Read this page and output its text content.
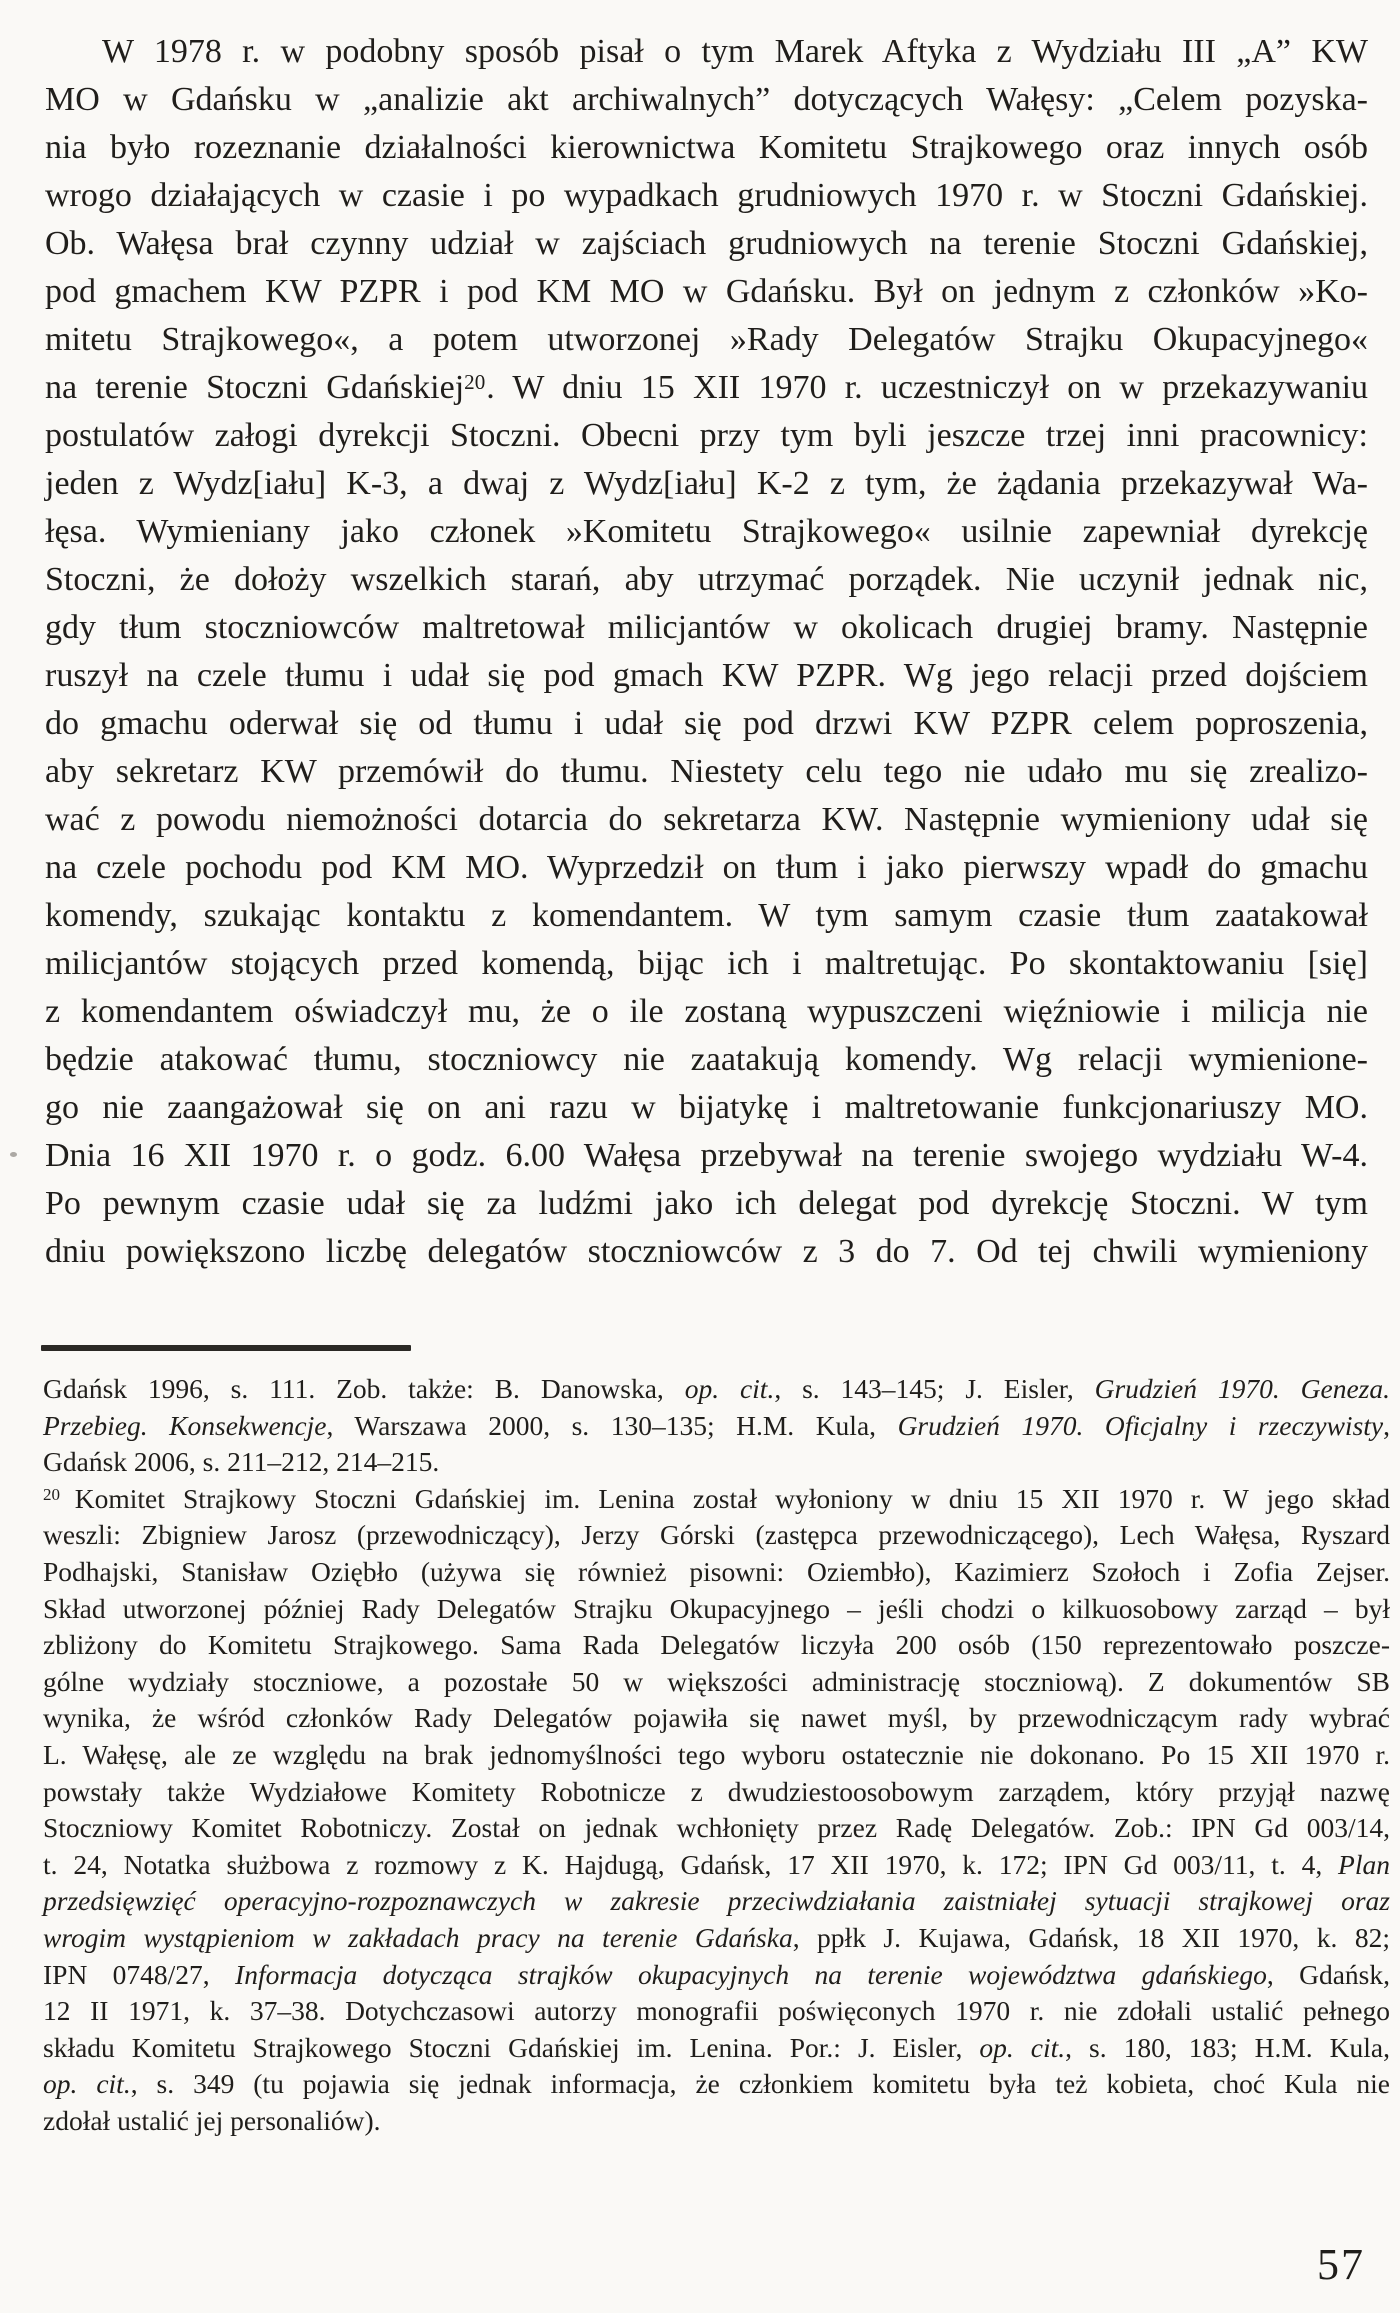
W 1978 r. w podobny sposób pisał o tym Marek Aftyka z Wydziału III „A” KW
MO w Gdańsku w „analizie akt archiwalnych” dotyczących Wałęsy: „Celem pozyska-
nia było rozeznanie działalności kierownictwa Komitetu Strajkowego oraz innych osób
wrogo działających w czasie i po wypadkach grudniowych 1970 r. w Stoczni Gdańskiej.
Ob. Wałęsa brał czynny udział w zajściach grudniowych na terenie Stoczni Gdańskiej,
pod gmachem KW PZPR i pod KM MO w Gdańsku. Był on jednym z członków »Ko-
mitetu Strajkowego«, a potem utworzonej »Rady Delegatów Strajku Okupacyjnego«
na terenie Stoczni Gdańskiej$^{20}$. W dniu 15 XII 1970 r. uczestniczył on w przekazywaniu
postulatów załogi dyrekcji Stoczni. Obecni przy tym byli jeszcze trzej inni pracownicy:
jeden z Wydz[iału] K-3, a dwaj z Wydz[iału] K-2 z tym, że żądania przekazywał Wa-
łęsa. Wymieniany jako członek »Komitetu Strajkowego« usilnie zapewniał dyrekcję
Stoczni, że dołoży wszelkich starań, aby utrzymać porządek. Nie uczynił jednak nic,
gdy tłum stoczniowców maltretował milicjantów w okolicach drugiej bramy. Następnie
ruszył na czele tłumu i udał się pod gmach KW PZPR. Wg jego relacji przed dojściem
do gmachu oderwał się od tłumu i udał się pod drzwi KW PZPR celem poproszenia,
aby sekretarz KW przemówił do tłumu. Niestety celu tego nie udało mu się zrealizo-
wać z powodu niemożności dotarcia do sekretarza KW. Następnie wymieniony udał się
na czele pochodu pod KM MO. Wyprzedził on tłum i jako pierwszy wpadł do gmachu
komendy, szukając kontaktu z komendantem. W tym samym czasie tłum zaatakował
milicjantów stojących przed komendą, bijąc ich i maltretując. Po skontaktowaniu [się]
z komendantem oświadczył mu, że o ile zostaną wypuszczeni więźniowie i milicja nie
będzie atakować tłumu, stoczniowcy nie zaatakują komendy. Wg relacji wymienione-
go nie zaangażował się on ani razu w bijatykę i maltretowanie funkcjonariuszy MO.
Dnia 16 XII 1970 r. o godz. 6.00 Wałęsa przebywał na terenie swojego wydziału W-4.
Po pewnym czasie udał się za ludźmi jako ich delegat pod dyrekcję Stoczni. W tym
dniu powiększono liczbę delegatów stoczniowców z 3 do 7. Od tej chwili wymieniony
Gdańsk 1996, s. 111. Zob. także: B. Danowska, op. cit., s. 143–145; J. Eisler, Grudzień 1970. Geneza.
Przebieg. Konsekwencje, Warszawa 2000, s. 130–135; H.M. Kula, Grudzień 1970. Oficjalny i rzeczywisty,
Gdańsk 2006, s. 211–212, 214–215.
$^{20}$ Komitet Strajkowy Stoczni Gdańskiej im. Lenina został wyłoniony w dniu 15 XII 1970 r. W jego skład
weszli: Zbigniew Jarosz (przewodniczący), Jerzy Górski (zastępca przewodniczącego), Lech Wałęsa, Ryszard
Podhajski, Stanisław Oziębło (używa się również pisowni: Oziembło), Kazimierz Szołoch i Zofia Zejser.
Skład utworzonej później Rady Delegatów Strajku Okupacyjnego – jeśli chodzi o kilkuosobowy zarząd – był
zbliżony do Komitetu Strajkowego. Sama Rada Delegatów liczyła 200 osób (150 reprezentowało poszcze-
gólne wydziały stoczniowe, a pozostałe 50 w większości administrację stoczniową). Z dokumentów SB
wynika, że wśród członków Rady Delegatów pojawiła się nawet myśl, by przewodniczącym rady wybrać
L. Wałęsę, ale ze względu na brak jednomyślności tego wyboru ostatecznie nie dokonano. Po 15 XII 1970 r.
powstały także Wydziałowe Komitety Robotnicze z dwudziestoosobowym zarządem, który przyjął nazwę
Stoczniowy Komitet Robotniczy. Został on jednak wchłonięty przez Radę Delegatów. Zob.: IPN Gd 003/14,
t. 24, Notatka służbowa z rozmowy z K. Hajdugą, Gdańsk, 17 XII 1970, k. 172; IPN Gd 003/11, t. 4, Plan
przedsięwzięć operacyjno-rozpoznawczych w zakresie przeciwdziałania zaistniałej sytuacji strajkowej oraz
wrogim wystąpieniom w zakładach pracy na terenie Gdańska, ppłk J. Kujawa, Gdańsk, 18 XII 1970, k. 82;
IPN 0748/27, Informacja dotycząca strajków okupacyjnych na terenie województwa gdańskiego, Gdańsk,
12 II 1971, k. 37–38. Dotychczasowi autorzy monografii poświęconych 1970 r. nie zdołali ustalić pełnego
składu Komitetu Strajkowego Stoczni Gdańskiej im. Lenina. Por.: J. Eisler, op. cit., s. 180, 183; H.M. Kula,
op. cit., s. 349 (tu pojawia się jednak informacja, że członkiem komitetu była też kobieta, choć Kula nie
zdołał ustalić jej personaliów).
57
